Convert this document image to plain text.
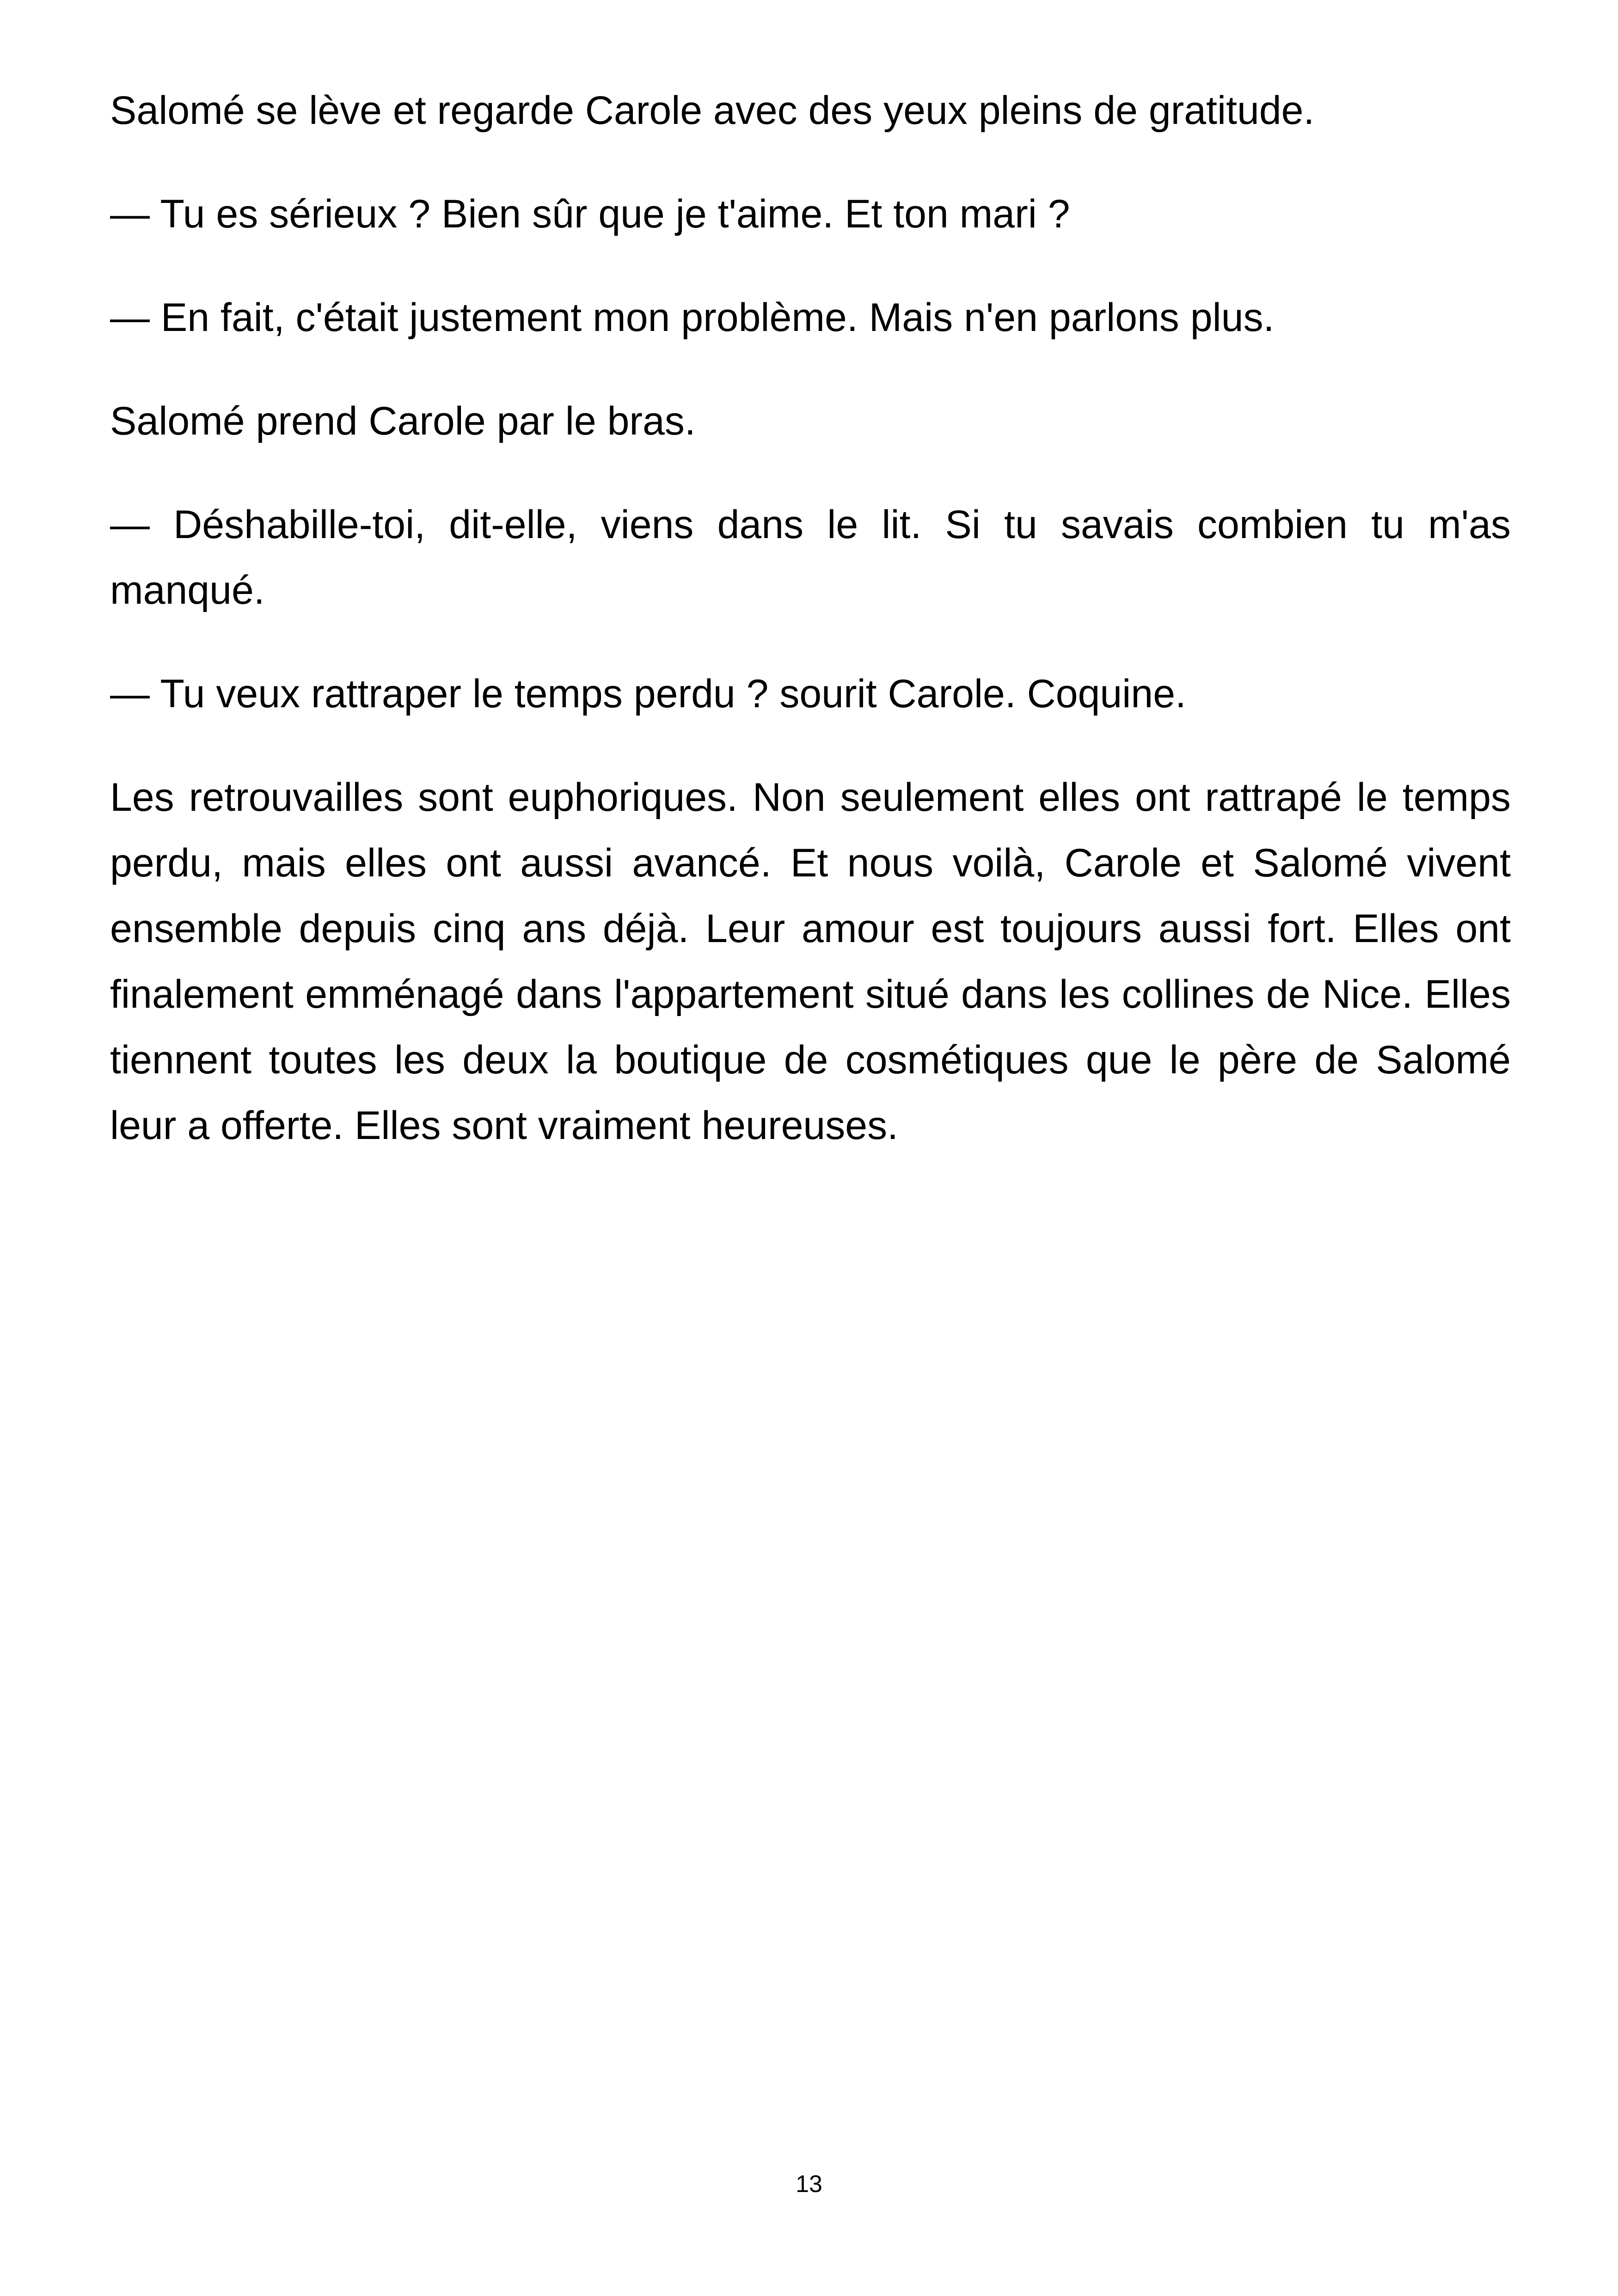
Salomé se lève et regarde Carole avec des yeux pleins de gratitude.

— Tu es sérieux ? Bien sûr que je t'aime. Et ton mari ?

— En fait, c'était justement mon problème. Mais n'en parlons plus.

Salomé prend Carole par le bras.

— Déshabille-toi, dit-elle, viens dans le lit. Si tu savais combien tu m'as manqué.

— Tu veux rattraper le temps perdu ? sourit Carole. Coquine.

Les retrouvailles sont euphoriques. Non seulement elles ont rattrapé le temps perdu, mais elles ont aussi avancé. Et nous voilà, Carole et Salomé vivent ensemble depuis cinq ans déjà. Leur amour est toujours aussi fort. Elles ont finalement emménagé dans l'appartement situé dans les collines de Nice. Elles tiennent toutes les deux la boutique de cosmétiques que le père de Salomé leur a offerte. Elles sont vraiment heureuses.

13
